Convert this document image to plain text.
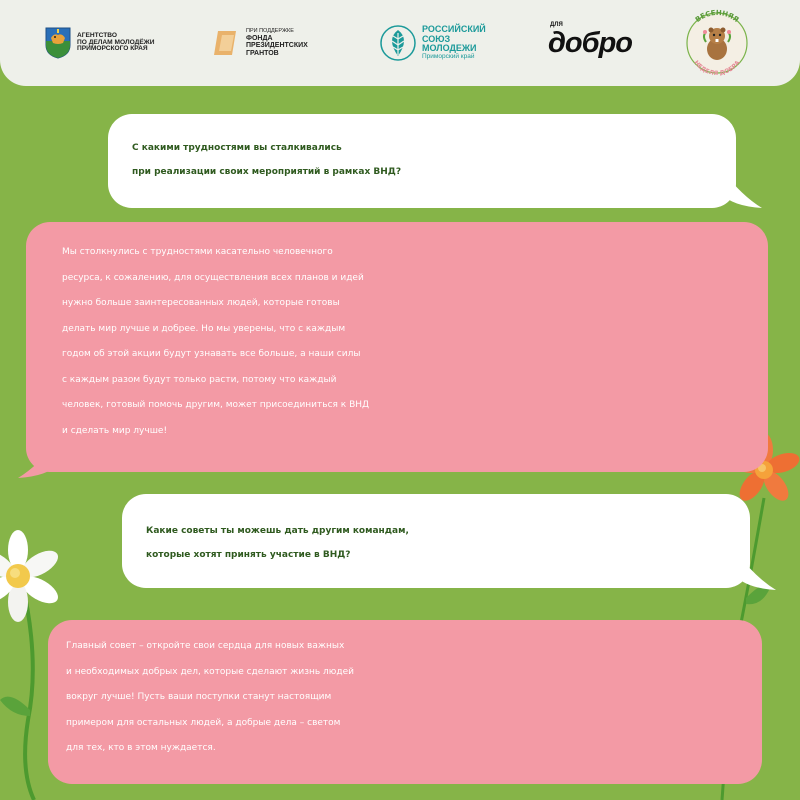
АГЕНТСТВО
ПО ДЕЛАМ МОЛОДЁЖИ
ПРИМОРСКОГО КРАЯ
ПРИ ПОДДЕРЖКЕ
ФОНДА
ПРЕЗИДЕНТСКИХ
ГРАНТОВ
РОССИЙСКИЙ
СОЮЗ
МОЛОДЕЖИ
Приморский край
ДЛЯ
добро
ВЕСЕННЯЯ
НЕДЕЛЯ ДОБРА
С какими трудностями вы сталкивались
при реализации своих мероприятий в рамках ВНД?
Мы столкнулись с трудностями касательно человечного
ресурса, к сожалению, для осуществления всех планов и идей
нужно больше заинтересованных людей, которые готовы
делать мир лучше и добрее. Но мы уверены, что с каждым
годом об этой акции будут узнавать все больше, а наши силы
с каждым разом будут только расти, потому что каждый
человек, готовый помочь другим, может присоединиться к ВНД
и сделать мир лучше!
Какие советы ты можешь дать другим командам,
которые хотят принять участие в ВНД?
Главный совет – откройте свои сердца для новых важных
и необходимых добрых дел, которые сделают жизнь людей
вокруг лучше! Пусть ваши поступки станут настоящим
примером для остальных людей, а добрые дела – светом
для тех, кто в этом нуждается.
